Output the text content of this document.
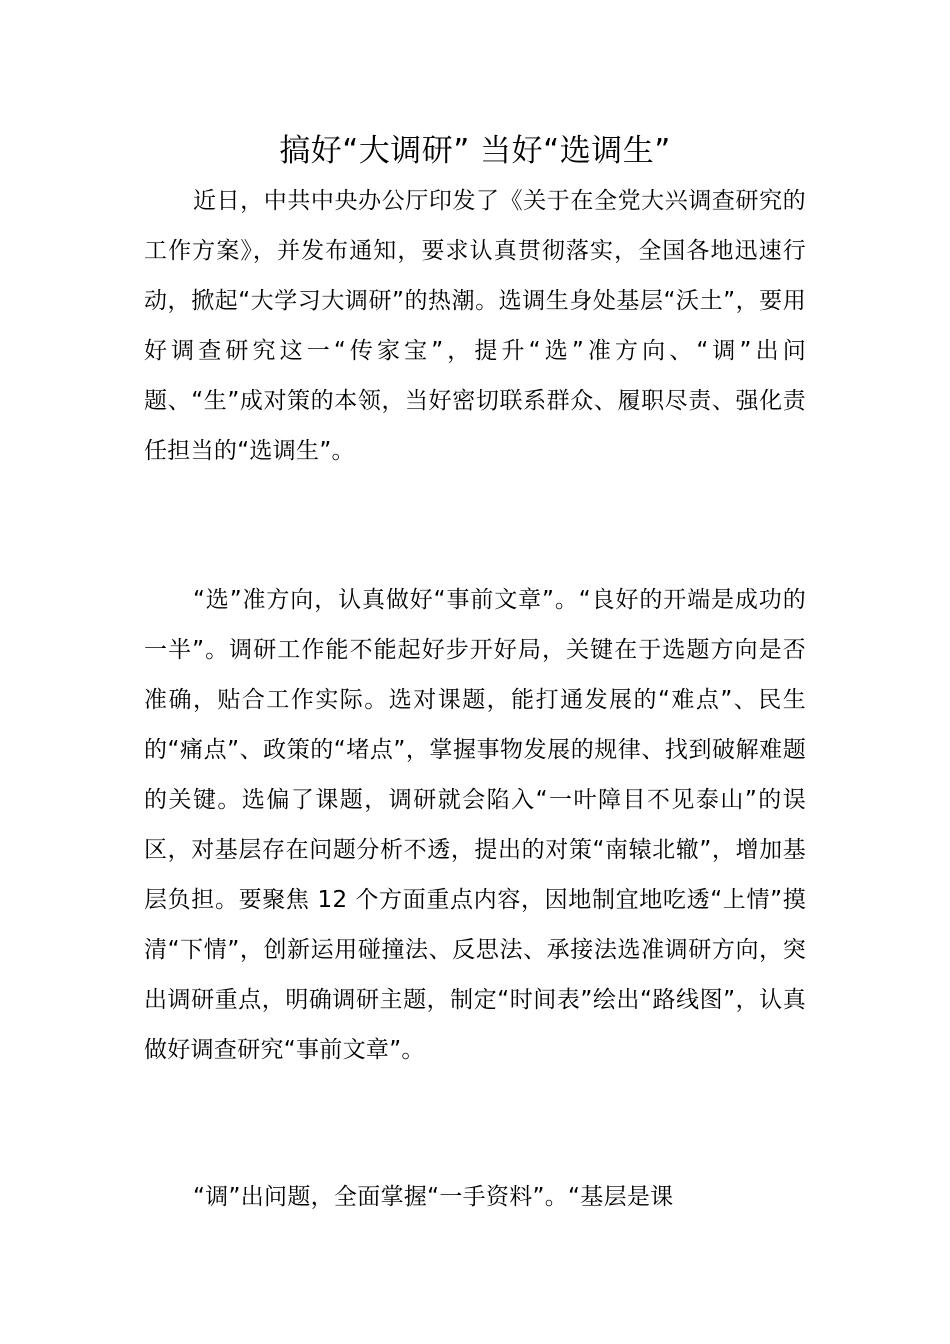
搞好“大调研” 当好“选调生”

近日，中共中央办公厅印发了《关于在全党大兴调查研究的工作方案》，并发布通知，要求认真贯彻落实，全国各地迅速行动，掀起“大学习大调研”的热潮。选调生身处基层“沃土”，要用好调查研究这一“传家宝”，提升“选”准方向、“调”出问题、“生”成对策的本领，当好密切联系群众、履职尽责、强化责任担当的“选调生”。

“选”准方向，认真做好“事前文章”。“良好的开端是成功的一半”。调研工作能不能起好步开好局，关键在于选题方向是否准确，贴合工作实际。选对课题，能打通发展的“难点”、民生的“痛点”、政策的“堵点”，掌握事物发展的规律、找到破解难题的关键。选偏了课题，调研就会陷入“一叶障目不见泰山”的误区，对基层存在问题分析不透，提出的对策“南辕北辙”，增加基层负担。要聚焦 12 个方面重点内容，因地制宜地吃透“上情”摸清“下情”，创新运用碰撞法、反思法、承接法选准调研方向，突出调研重点，明确调研主题，制定“时间表”绘出“路线图”，认真做好调查研究“事前文章”。

“调”出问题，全面掌握“一手资料”。“基层是课
